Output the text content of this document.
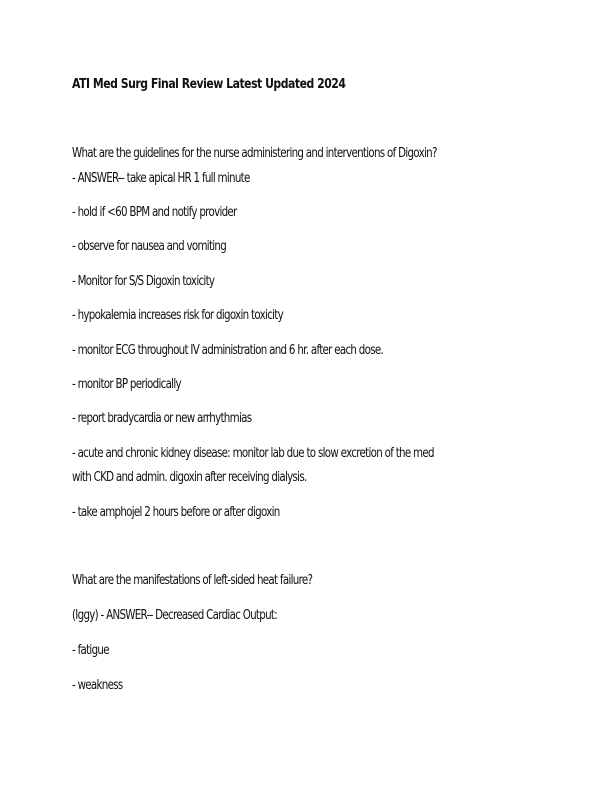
ATI Med Surg Final Review Latest Updated 2024
What are the guidelines for the nurse administering and interventions of Digoxin?
- ANSWER-- take apical HR 1 full minute
- hold if <60 BPM and notify provider
- observe for nausea and vomiting
- Monitor for S/S Digoxin toxicity
- hypokalemia increases risk for digoxin toxicity
- monitor ECG throughout IV administration and 6 hr. after each dose.
- monitor BP periodically
- report bradycardia or new arrhythmias
- acute and chronic kidney disease: monitor lab due to slow excretion of the med
with CKD and admin. digoxin after receiving dialysis.
- take amphojel 2 hours before or after digoxin
What are the manifestations of left-sided heat failure?
(Iggy) - ANSWER-- Decreased Cardiac Output:
- fatigue
- weakness
